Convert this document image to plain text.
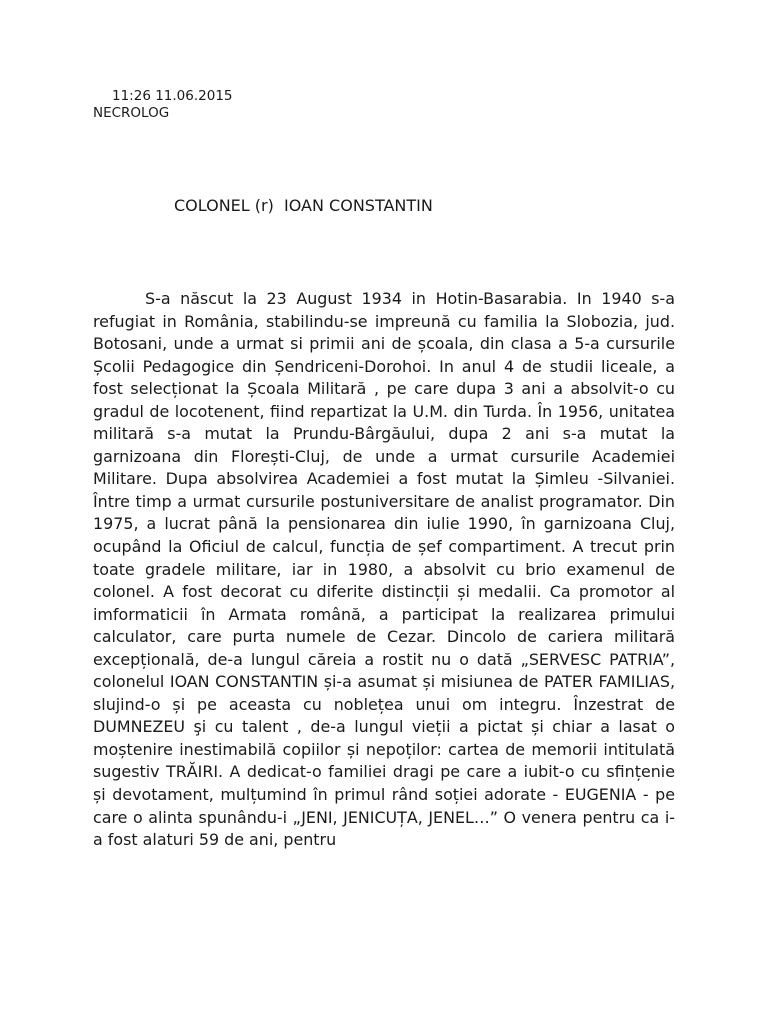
11:26 11.06.2015
NECROLOG
COLONEL (r)  IOAN CONSTANTIN

S-a născut la 23 August 1934 in Hotin-Basarabia. In 1940 s-a refugiat in România, stabilindu-se impreună cu familia la Slobozia, jud. Botosani, unde a urmat si primii ani de școala, din clasa a 5-a cursurile Școlii Pedagogice din Șendriceni-Dorohoi. In anul 4 de studii liceale, a fost selecționat la Școala Militară , pe care dupa 3 ani a absolvit-o cu gradul de locotenent, fiind repartizat la U.M. din Turda. În 1956, unitatea militară s-a mutat la Prundu-Bârgăului, dupa 2 ani s-a mutat la garnizoana din Florești-Cluj, de unde a urmat cursurile Academiei Militare. Dupa absolvirea Academiei a fost mutat la Șimleu -Silvaniei. Între timp a urmat cursurile postuniversitare de analist programator. Din 1975, a lucrat până la pensionarea din iulie 1990, în garnizoana Cluj, ocupând la Oficiul de calcul, funcția de șef compartiment. A trecut prin toate gradele militare, iar in 1980, a absolvit cu brio examenul de colonel. A fost decorat cu diferite distincții și medalii. Ca promotor al imformaticii în Armata română, a participat la realizarea primului calculator, care purta numele de Cezar. Dincolo de cariera militară excepțională, de-a lungul căreia a rostit nu o dată „SERVESC PATRIA”, colonelul IOAN CONSTANTIN și-a asumat și misiunea de PATER FAMILIAS, slujind-o și pe aceasta cu noblețea unui om integru. Înzestrat de DUMNEZEU şi cu talent , de-a lungul vieții a pictat și chiar a lasat o moștenire inestimabilă copiilor și nepoților: cartea de memorii intitulată sugestiv TRĂIRI. A dedicat-o familiei dragi pe care a iubit-o cu sfințenie și devotament, mulțumind în primul rând soției adorate - EUGENIA - pe care o alinta spunându-i „JENI, JENICUȚA, JENEL…” O venera pentru ca i-a fost alaturi 59 de ani, pentru
